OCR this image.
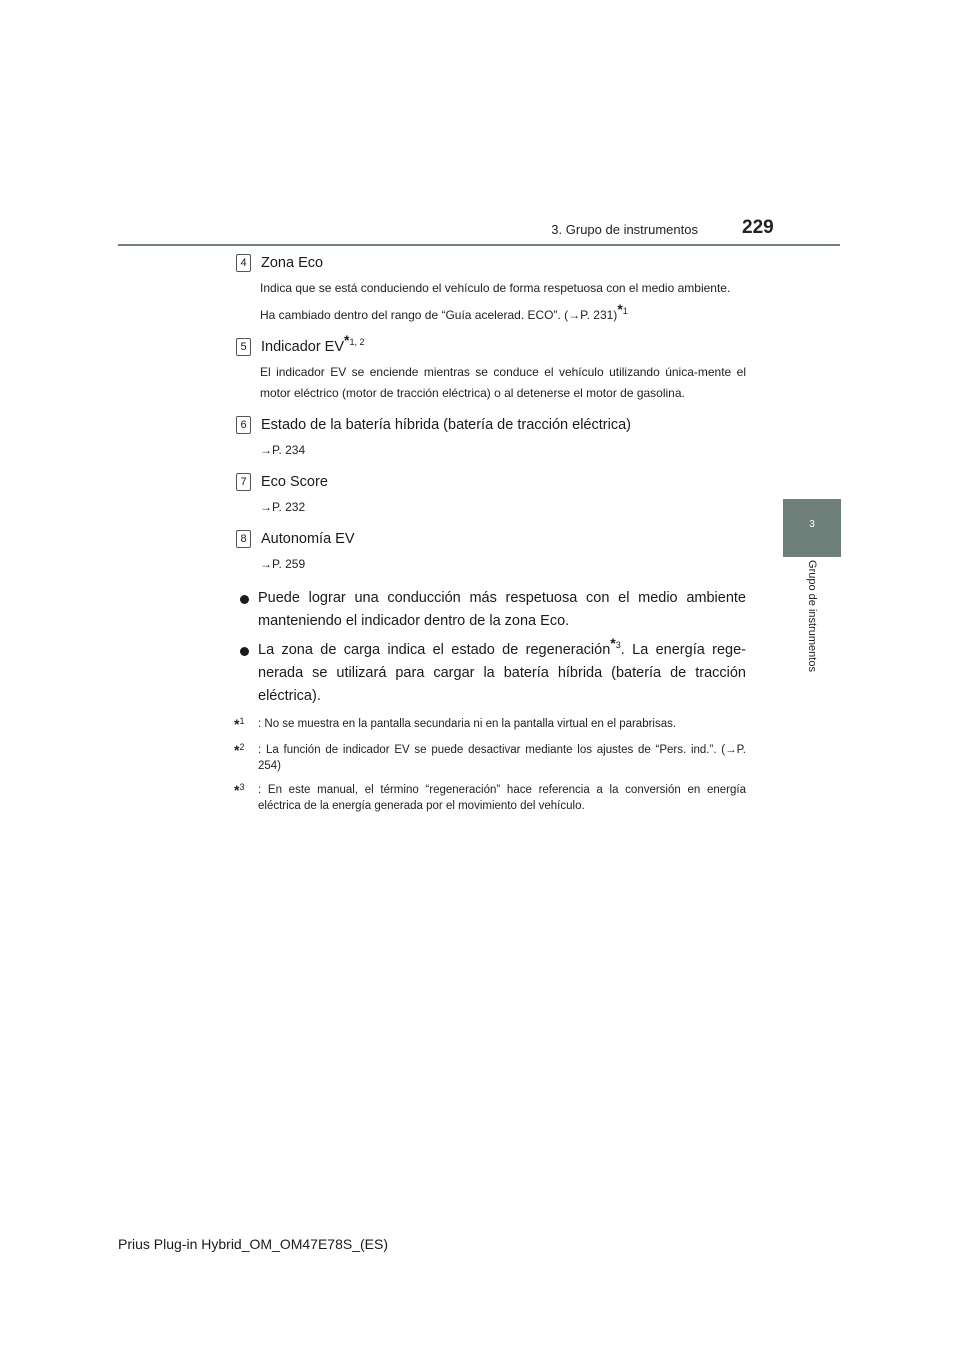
3. Grupo de instrumentos 229
3
Grupo de instrumentos
4 Zona Eco

Indica que se está conduciendo el vehículo de forma respetuosa con el medio ambiente.

Ha cambiado dentro del rango de “Guía acelerad. ECO”. (→P. 231)$^{*1}$

5 Indicador EV$^{*1, 2}$

El indicador EV se enciende mientras se conduce el vehículo utilizando única-mente el motor eléctrico (motor de tracción eléctrica) o al detenerse el motor de gasolina.

6 Estado de la batería híbrida (batería de tracción eléctrica)

→P. 234

7 Eco Score

→P. 232

8 Autonomía EV

→P. 259

Puede lograr una conducción más respetuosa con el medio ambiente manteniendo el indicador dentro de la zona Eco.
La zona de carga indica el estado de regeneración$^{*3}$. La energía rege-nerada se utilizará para cargar la batería híbrida (batería de tracción eléctrica).
*$^1$	: No se muestra en la pantalla secundaria ni en la pantalla virtual en el parabrisas.
*$^2$	: La función de indicador EV se puede desactivar mediante los ajustes de “Pers. ind.”. (→P. 254)
*$^3$	: En este manual, el término “regeneración” hace referencia a la conversión en energía eléctrica de la energía generada por el movimiento del vehículo.
Prius Plug-in Hybrid_OM_OM47E78S_(ES)
